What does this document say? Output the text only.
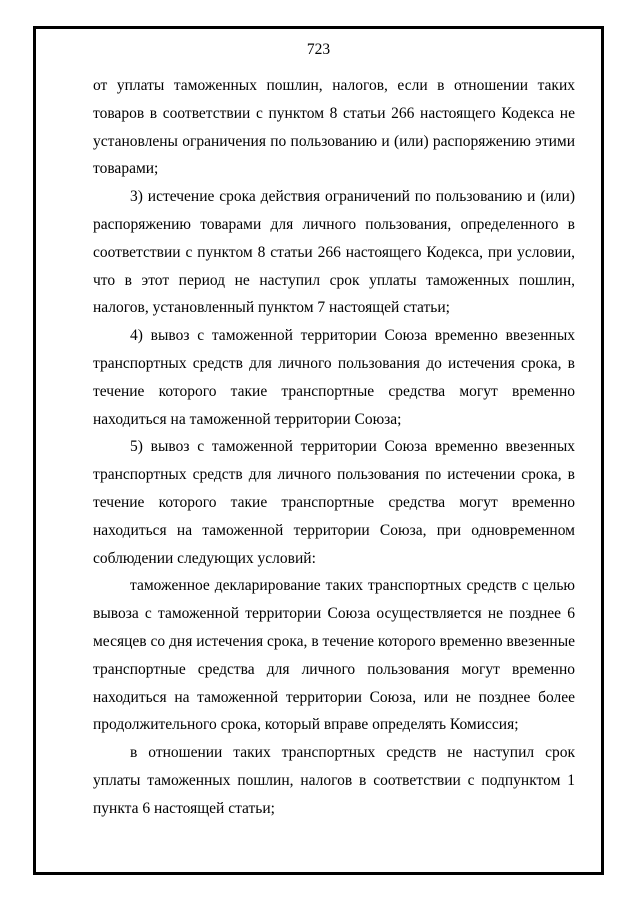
723

от уплаты таможенных пошлин, налогов, если в отношении таких товаров в соответствии с пунктом 8 статьи 266 настоящего Кодекса не установлены ограничения по пользованию и (или) распоряжению этими товарами;

3) истечение срока действия ограничений по пользованию и (или) распоряжению товарами для личного пользования, определенного в соответствии с пунктом 8 статьи 266 настоящего Кодекса, при условии, что в этот период не наступил срок уплаты таможенных пошлин, налогов, установленный пунктом 7 настоящей статьи;

4) вывоз с таможенной территории Союза временно ввезенных транспортных средств для личного пользования до истечения срока, в течение которого такие транспортные средства могут временно находиться на таможенной территории Союза;

5) вывоз с таможенной территории Союза временно ввезенных транспортных средств для личного пользования по истечении срока, в течение которого такие транспортные средства могут временно находиться на таможенной территории Союза, при одновременном соблюдении следующих условий:

таможенное декларирование таких транспортных средств с целью вывоза с таможенной территории Союза осуществляется не позднее 6 месяцев со дня истечения срока, в течение которого временно ввезенные транспортные средства для личного пользования могут временно находиться на таможенной территории Союза, или не позднее более продолжительного срока, который вправе определять Комиссия;

в отношении таких транспортных средств не наступил срок уплаты таможенных пошлин, налогов в соответствии с подпунктом 1 пункта 6 настоящей статьи;
